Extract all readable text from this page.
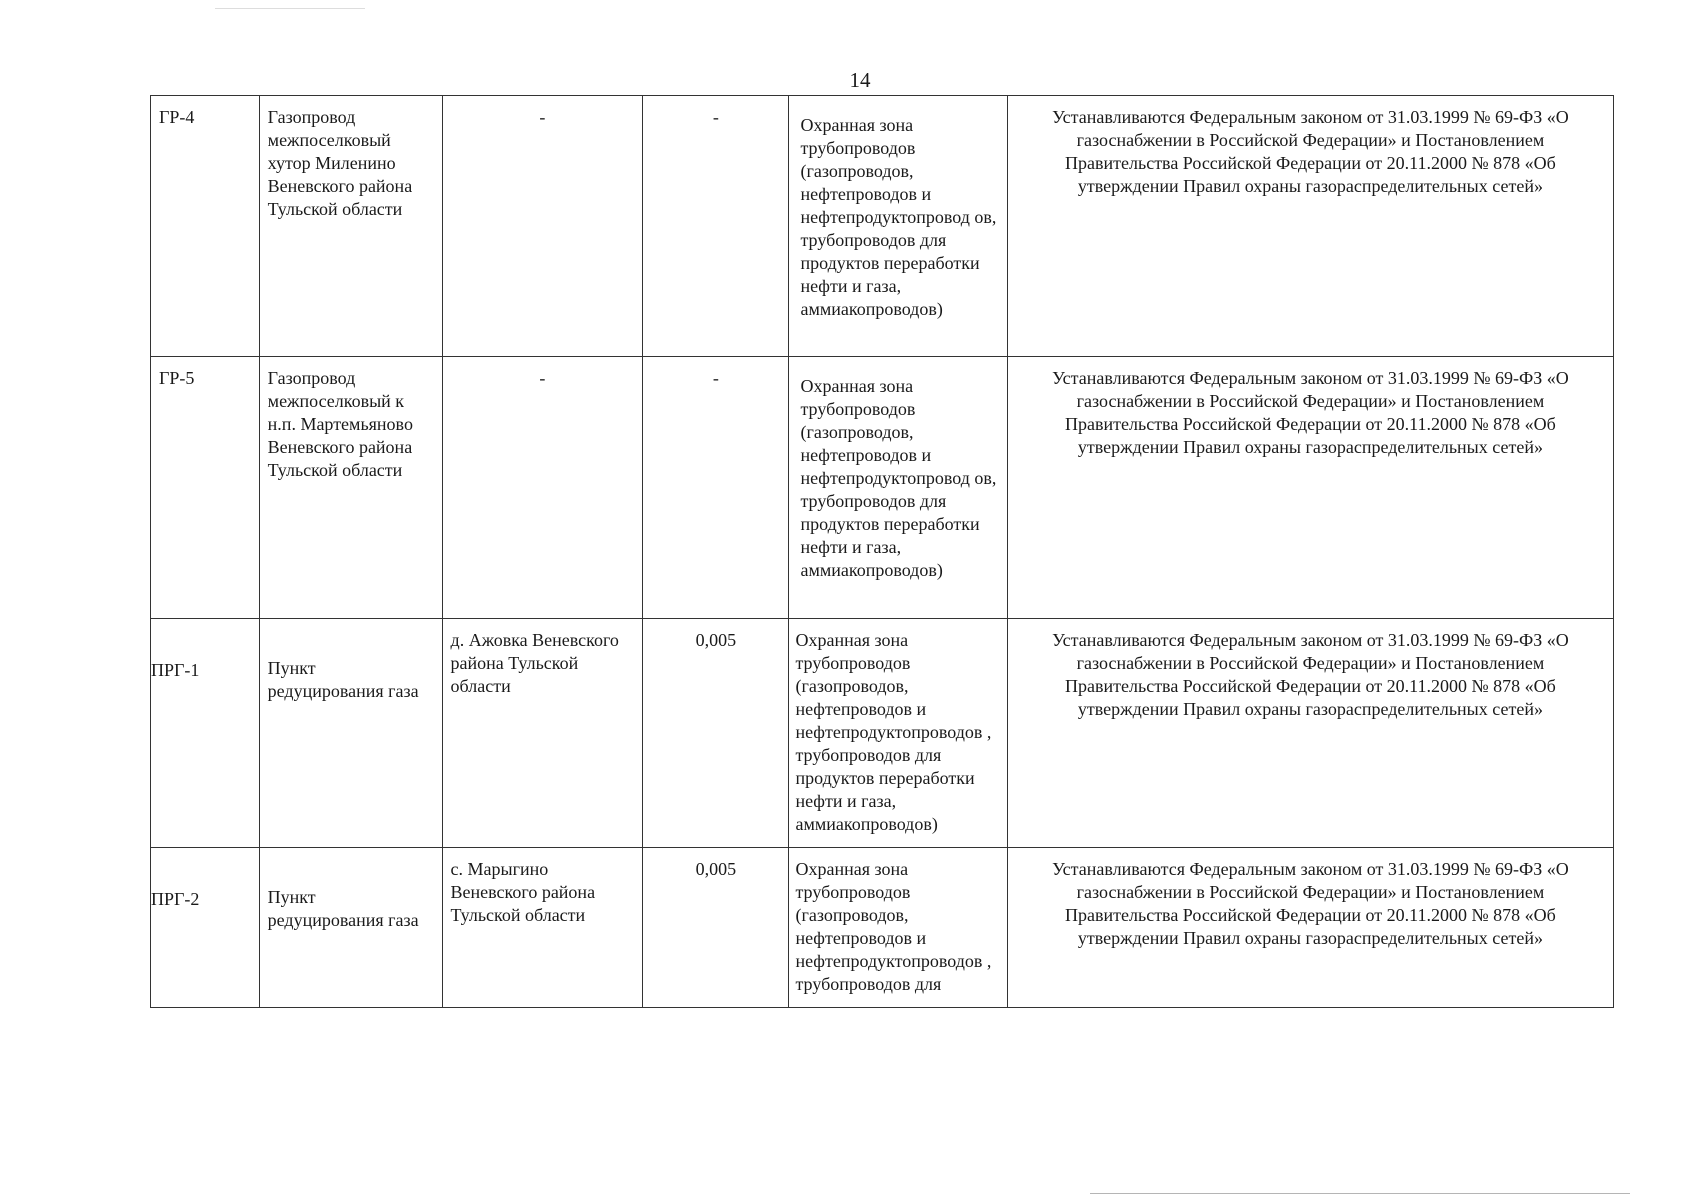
14
ГР-4	Газопровод межпоселковый хутор Миленино Веневского района Тульской области	-	-	Охранная зона трубопроводов (газопроводов, нефтепроводов и нефтепродуктопровод ов, трубопроводов для продуктов переработки нефти и газа, аммиакопроводов)	Устанавливаются Федеральным законом от 31.03.1999 № 69-ФЗ «О газоснабжении в Российской Федерации» и Постановлением Правительства Российской Федерации от 20.11.2000 № 878 «Об утверждении Правил охраны газораспределительных сетей»
ГР-5	Газопровод межпоселковый к н.п. Мартемьяново Веневского района Тульской области	-	-	Охранная зона трубопроводов (газопроводов, нефтепроводов и нефтепродуктопровод ов, трубопроводов для продуктов переработки нефти и газа, аммиакопроводов)	Устанавливаются Федеральным законом от 31.03.1999 № 69-ФЗ «О газоснабжении в Российской Федерации» и Постановлением Правительства Российской Федерации от 20.11.2000 № 878 «Об утверждении Правил охраны газораспределительных сетей»
ПРГ-1	Пункт редуцирования газа	д. Ажовка Веневского района Тульской области	0,005	Охранная зона трубопроводов (газопроводов, нефтепроводов и нефтепродуктопроводов , трубопроводов для продуктов переработки нефти и газа, аммиакопроводов)	Устанавливаются Федеральным законом от 31.03.1999 № 69-ФЗ «О газоснабжении в Российской Федерации» и Постановлением Правительства Российской Федерации от 20.11.2000 № 878 «Об утверждении Правил охраны газораспределительных сетей»
ПРГ-2	Пункт редуцирования газа	с. Марыгино Веневского района Тульской области	0,005	Охранная зона трубопроводов (газопроводов, нефтепроводов и нефтепродуктопроводов , трубопроводов для	Устанавливаются Федеральным законом от 31.03.1999 № 69-ФЗ «О газоснабжении в Российской Федерации» и Постановлением Правительства Российской Федерации от 20.11.2000 № 878 «Об утверждении Правил охраны газораспределительных сетей»
